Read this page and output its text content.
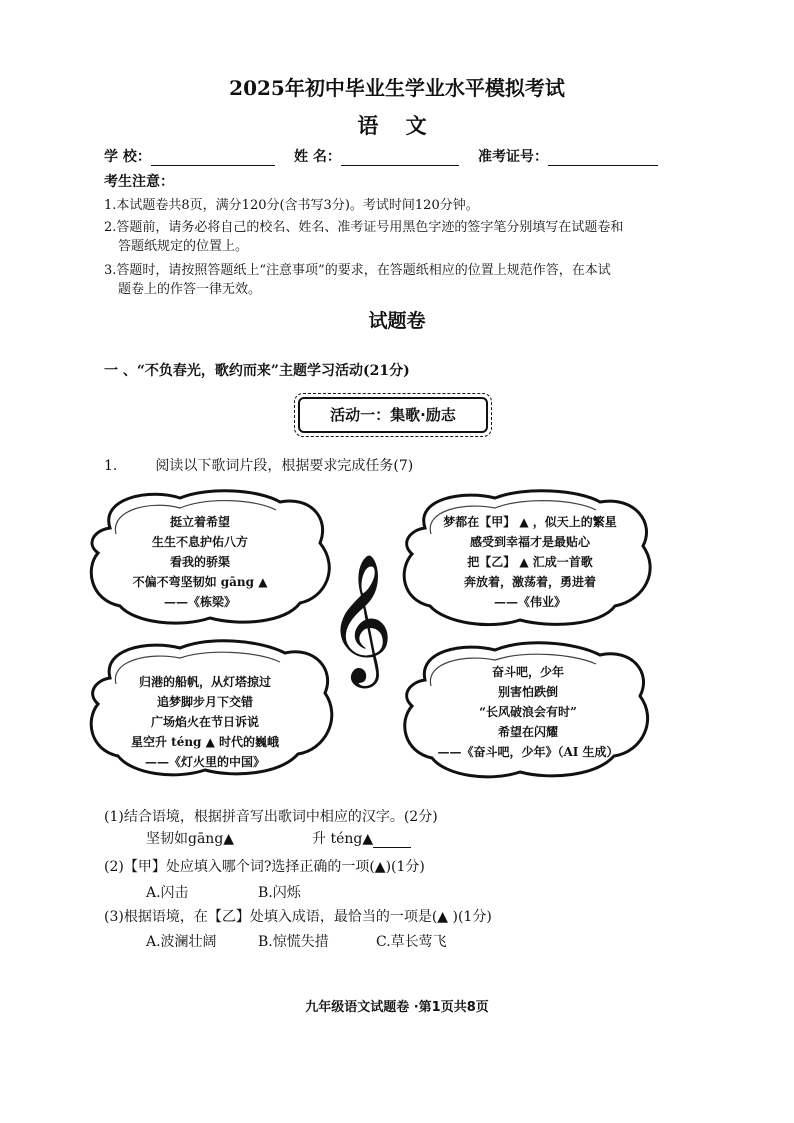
2025年初中毕业生学业水平模拟考试
语 文
学 校：	姓 名：	准考证号：
考生注意：
1.本试题卷共8页，满分120分(含书写3分)。考试时间120分钟。
2.答题前，请务必将自己的校名、姓名、准考证号用黑色字迹的签字笔分别填写在试题卷和
答题纸规定的位置上。
3.答题时，请按照答题纸上“注意事项”的要求，在答题纸相应的位置上规范作答，在本试
题卷上的作答一律无效。
试题卷
一 、“不负春光，歌约而来”主题学习活动(21分)
活动一：集歌·励志
1.	阅读以下歌词片段，根据要求完成任务(7)
𝄞
挺立着希望
生生不息护佑八方
看我的骄渠
不偏不弯坚韧如 gāng ▲
——《栋梁》
梦都在【甲】 ▲ ，似天上的繁星
感受到幸福才是最贴心
把【乙】 ▲ 汇成一首歌
奔放着，激荡着，勇进着
——《伟业》
归港的船帆，从灯塔掠过
追梦脚步月下交错
广场焰火在节日诉说
星空升 téng ▲ 时代的巍峨
——《灯火里的中国》
奋斗吧，少年
别害怕跌倒
“长风破浪会有时”
希望在闪耀
——《奋斗吧，少年》（AI 生成）
(1)结合语境，根据拼音写出歌词中相应的汉字。(2分)
坚韧如gāng▲	升 téng▲
(2)【甲】处应填入哪个词?选择正确的一项(▲)(1分)
A.闪击	B.闪烁
(3)根据语境，在【乙】处填入成语，最恰当的一项是(▲ )(1分)
A.波澜壮阔	B.惊慌失措	C.草长莺飞
九年级语文试题卷 ·第1页共8页
